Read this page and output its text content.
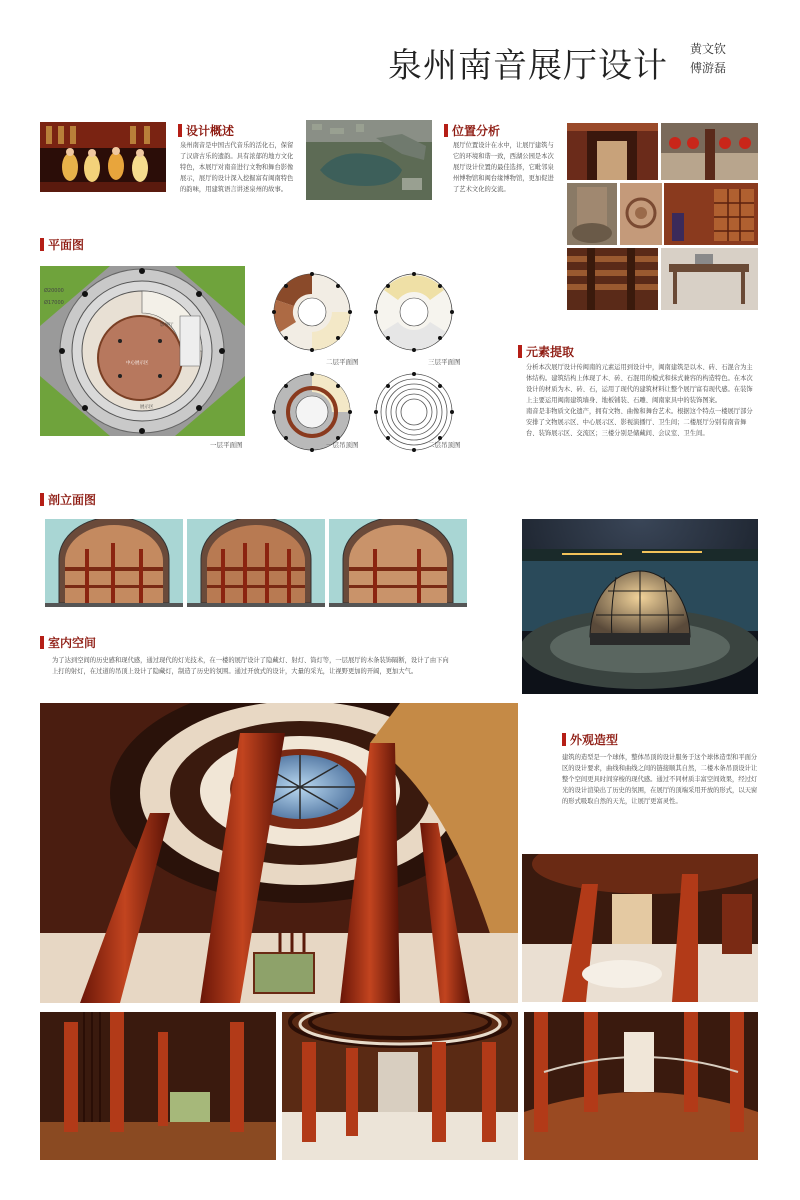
泉州南音展厅设计 黄文钦
傅游磊
设计概述
泉州南音是中国古代音乐的活化石，保留了汉唐古乐的遗韵。具有浓郁的地方文化特色，本展厅对南音进行文物和舞台影像展示，展厅的设计深入挖掘富有闽南特色的韵味，用建筑语言讲述泉州的故事。
位置分析
展厅位置设计在水中，让展厅建筑与它的环境和谐一致，西湖公园是本次展厅设计位置的最佳选择，它毗邻泉州博物馆和闽台缘博物馆，更加促进了艺术文化的交流。
平面图
Ø20000
Ø17000
中心展示区
影视厅
展示区
一层平面图
二层平面图	三层平面图
一层吊顶图	二层吊顶图
元素提取
分析本次展厅设计传闽南的元素运用到设计中，闽南建筑是以木、砖、石混合为主体结构。建筑结构上体现了木、砖、石混用的模式和抹式兼容的构造特色。在本次设计的材质为木、砖、石，运用了现代的建筑材料让整个展厅富有现代感。在装饰上主要运用闽南建筑墙身、地板铺装、石雕、闽南家具中的装饰图案。
南音是非物质文化遗产，拥有文物、曲像和舞台艺术。根据这个特点一楼展厅部分安排了文物展示区、中心展示区、影视演播厅、卫生间；二楼展厅分别有南音舞台、装饰展示区、交流区；三楼分别是储藏间、会议室、卫生间。
剖立面图
室内空间
为了达到空间的历史感和现代感，通过现代的灯光技术，在一楼的展厅设计了隐藏灯、射灯、筒灯等，一层展厅的木条装饰隔断，设计了由下向上打的射灯，在过道的吊顶上设计了隐藏灯，制造了历史的氛围。通过开放式的设计，大量的采光，让视野更加的开阔，更加大气。
外观造型
建筑的造型是一个球体，整体吊顶的设计服务于这个球体造型和平面分区的设计要求，曲线和曲线之间的链接顺其自然，二楼木条吊顶设计让整个空间更具时间穿梭的现代感。通过不同材质丰富空间效果，经过灯光的设计渲染出了历史的氛围，在展厅的顶端采用开放的形式，以天窗的形式吸取自然的天光，让展厅更富灵性。
